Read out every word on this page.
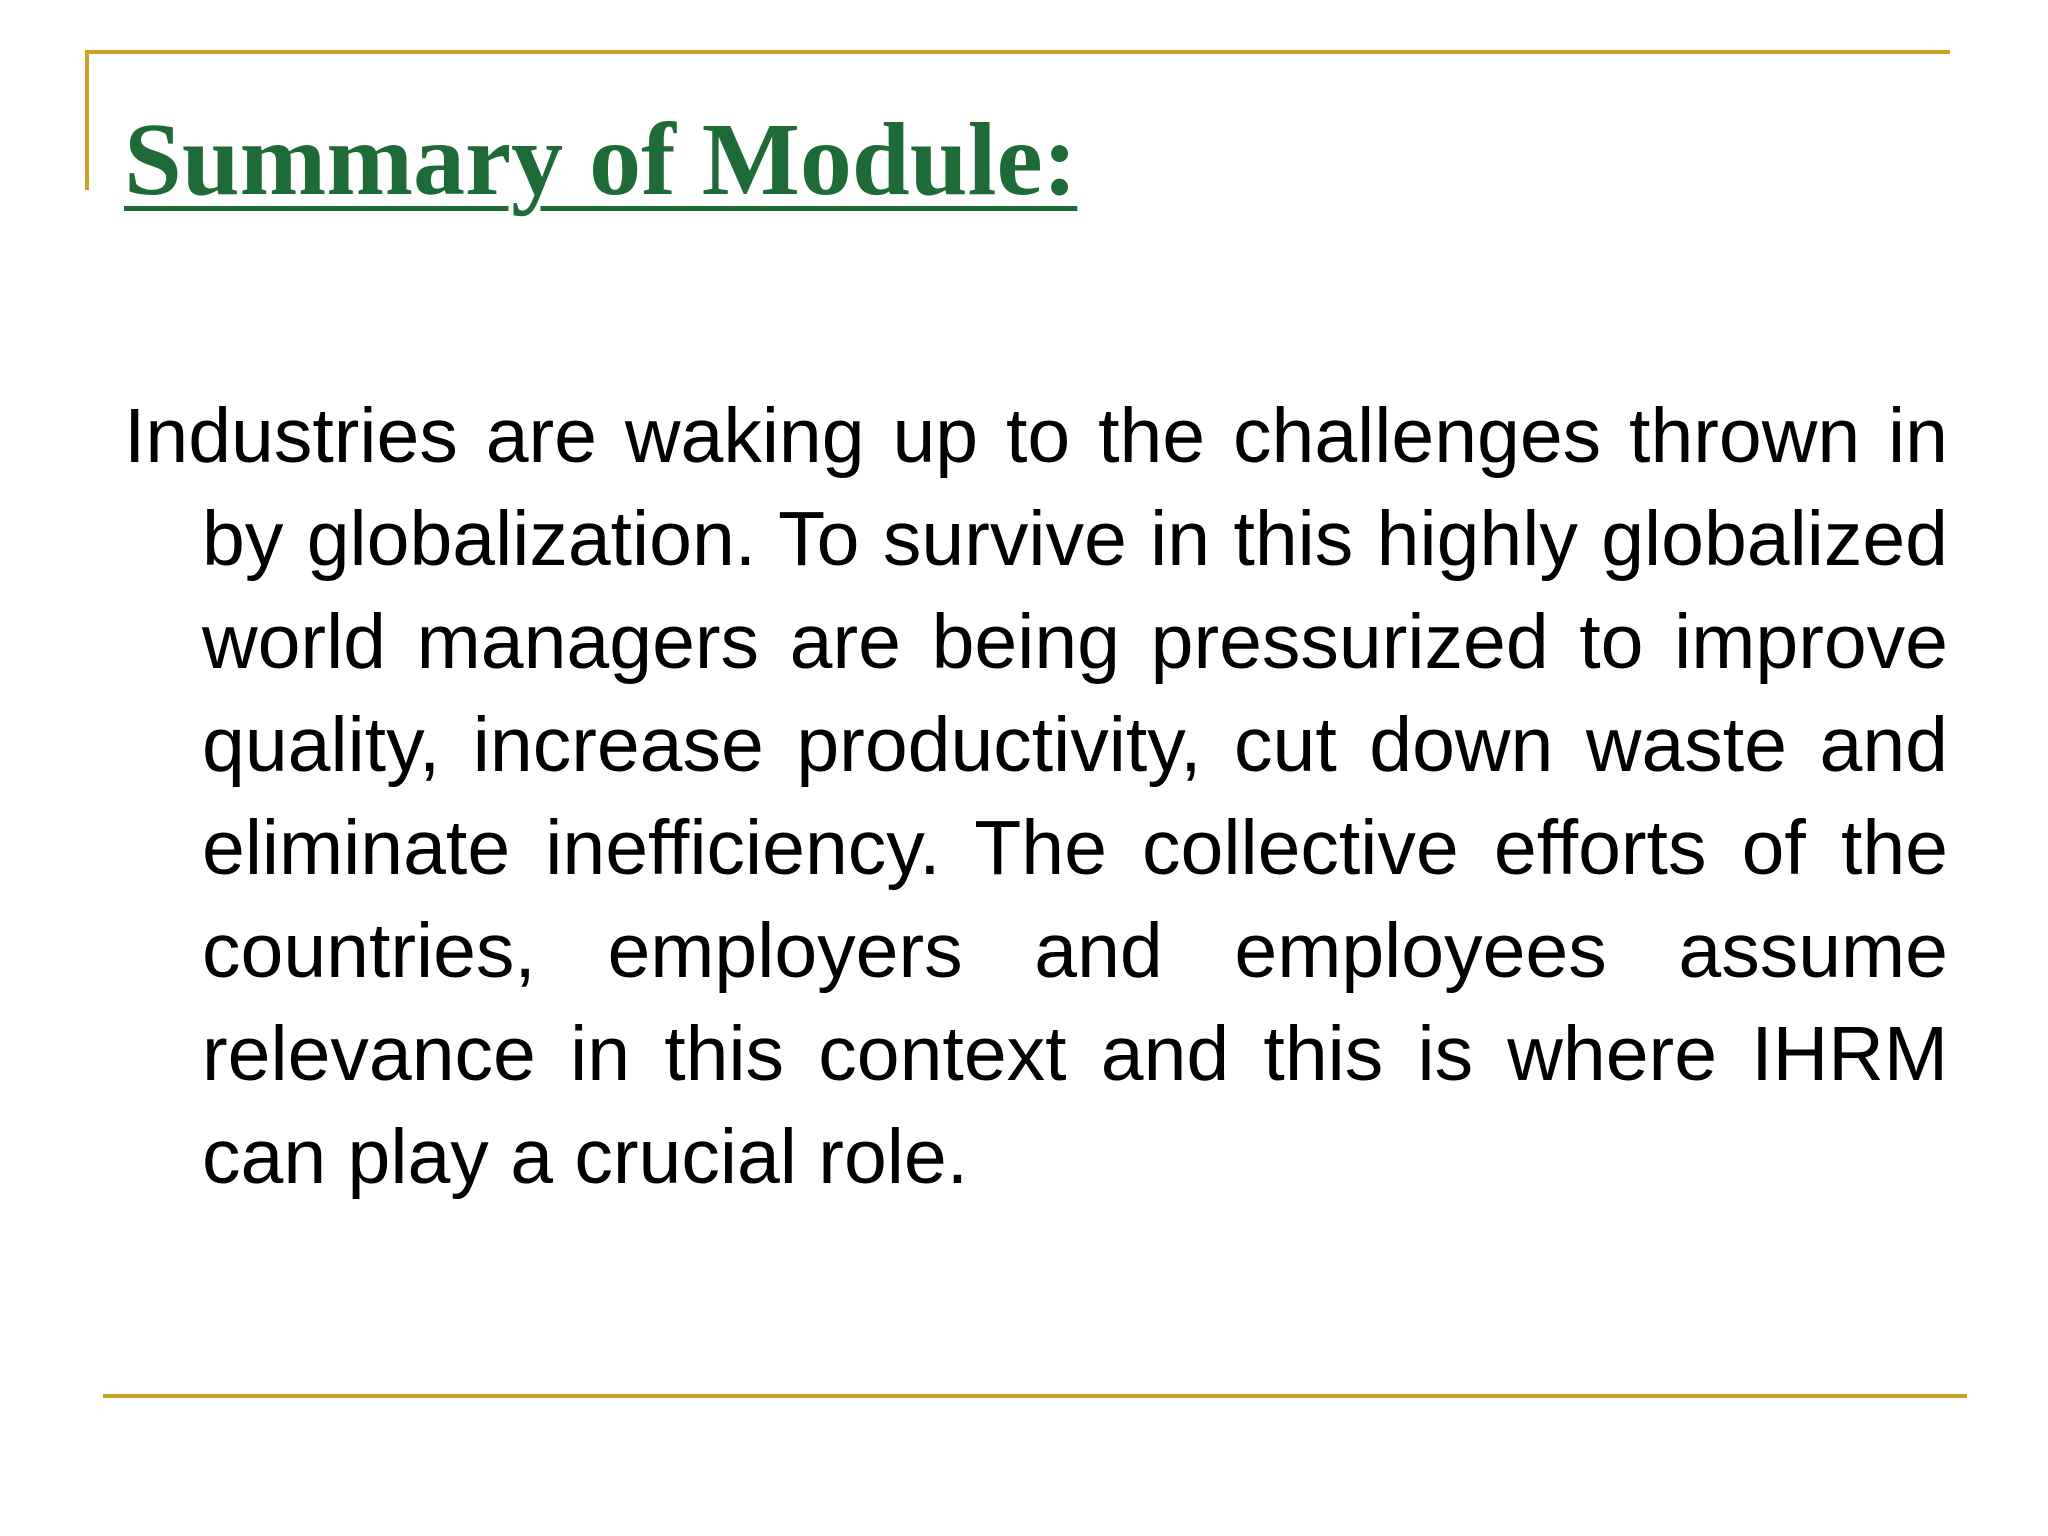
Summary of Module:

Industries are waking up to the challenges thrown in by globalization. To survive in this highly globalized world managers are being pressurized to improve quality, increase productivity, cut down waste and eliminate inefficiency. The collective efforts of the countries, employers and employees assume relevance in this context and this is where IHRM can play a crucial role.
